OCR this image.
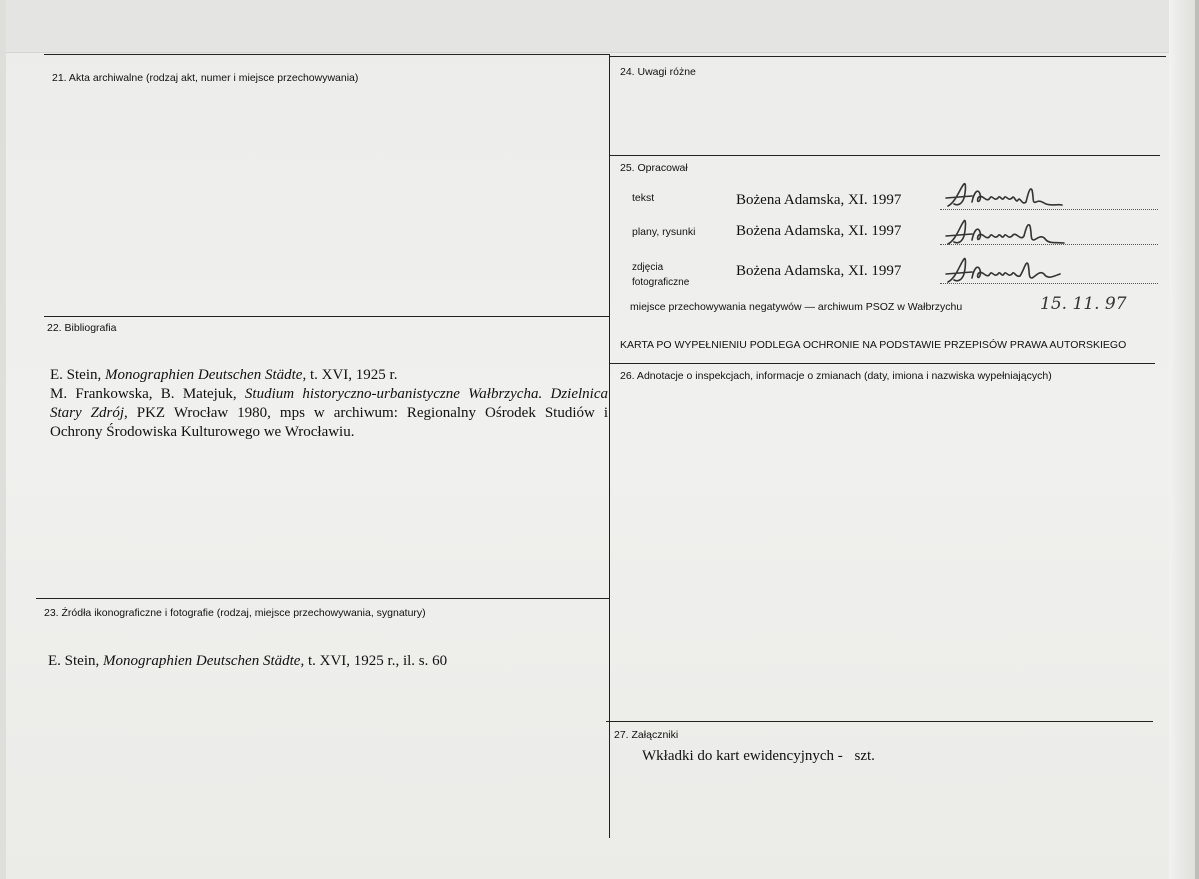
21. Akta archiwalne (rodzaj akt, numer i miejsce przechowywania)
22. Bibliografia

E. Stein, Monographien Deutschen Städte, t. XVI, 1925 r.

M. Frankowska, B. Matejuk, Studium historyczno-urbanistyczne Wałbrzycha. Dzielnica

Stary Zdrój, PKZ Wrocław 1980, mps w archiwum: Regionalny Ośrodek Studiów i

Ochrony Środowiska Kulturowego we Wrocławiu.

23. Źródła ikonograficzne i fotografie (rodzaj, miejsce przechowywania, sygnatury)

E. Stein, Monographien Deutschen Städte, t. XVI, 1925 r., il. s. 60

24. Uwagi różne
25. Opracował
tekst	Bożena Adamska, XI. 1997
plany, rysunki	Bożena Adamska, XI. 1997
zdjęcia
fotograficzne
Bożena Adamska, XI. 1997
miejsce przechowywania negatywów — archiwum PSOZ w Wałbrzychu	15. 11. 97
KARTA PO WYPEŁNIENIU PODLEGA OCHRONIE NA PODSTAWIE PRZEPISÓW PRAWA AUTORSKIEGO
26. Adnotacje o inspekcjach, informacje o zmianach (daty, imiona i nazwiska wypełniających)
27. Załączniki
Wkładki do kart ewidencyjnych - szt.
